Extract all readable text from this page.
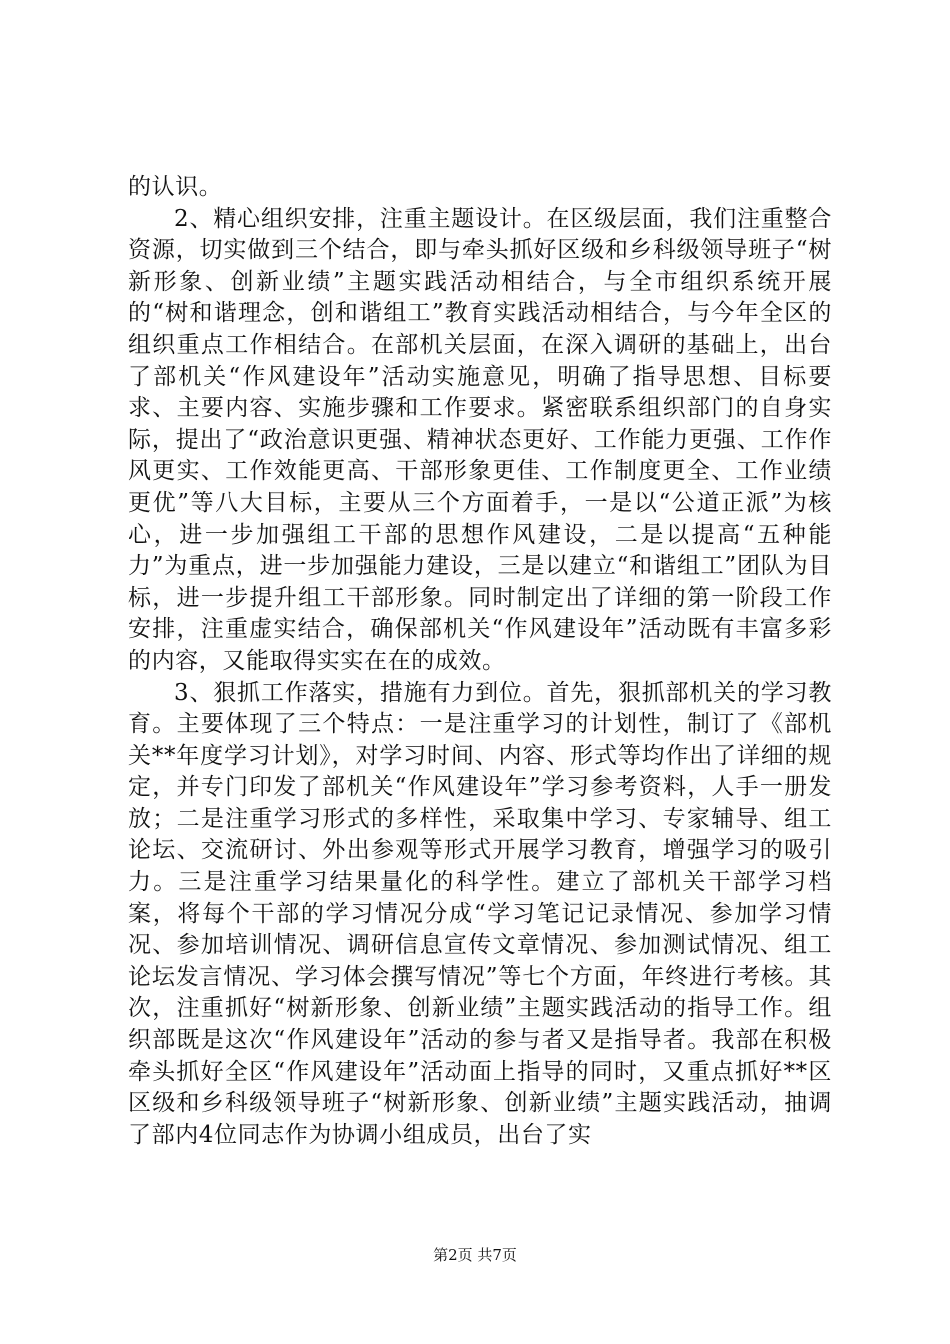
的认识。

2、精心组织安排，注重主题设计。在区级层面，我们注重整合资源，切实做到三个结合，即与牵头抓好区级和乡科级领导班子“树新形象、创新业绩”主题实践活动相结合，与全市组织系统开展的“树和谐理念，创和谐组工”教育实践活动相结合，与今年全区的组织重点工作相结合。在部机关层面，在深入调研的基础上，出台了部机关“作风建设年”活动实施意见，明确了指导思想、目标要求、主要内容、实施步骤和工作要求。紧密联系组织部门的自身实际，提出了“政治意识更强、精神状态更好、工作能力更强、工作作风更实、工作效能更高、干部形象更佳、工作制度更全、工作业绩更优”等八大目标，主要从三个方面着手，一是以“公道正派”为核心，进一步加强组工干部的思想作风建设，二是以提高“五种能力”为重点，进一步加强能力建设，三是以建立“和谐组工”团队为目标，进一步提升组工干部形象。同时制定出了详细的第一阶段工作安排，注重虚实结合，确保部机关“作风建设年”活动既有丰富多彩的内容，又能取得实实在在的成效。

3、狠抓工作落实，措施有力到位。首先，狠抓部机关的学习教育。主要体现了三个特点：一是注重学习的计划性，制订了《部机关**年度学习计划》，对学习时间、内容、形式等均作出了详细的规定，并专门印发了部机关“作风建设年”学习参考资料，人手一册发放；二是注重学习形式的多样性，采取集中学习、专家辅导、组工论坛、交流研讨、外出参观等形式开展学习教育，增强学习的吸引力。三是注重学习结果量化的科学性。建立了部机关干部学习档案，将每个干部的学习情况分成“学习笔记记录情况、参加学习情况、参加培训情况、调研信息宣传文章情况、参加测试情况、组工论坛发言情况、学习体会撰写情况”等七个方面，年终进行考核。其次，注重抓好“树新形象、创新业绩”主题实践活动的指导工作。组织部既是这次“作风建设年”活动的参与者又是指导者。我部在积极牵头抓好全区“作风建设年”活动面上指导的同时，又重点抓好**区区级和乡科级领导班子“树新形象、创新业绩”主题实践活动，抽调了部内4位同志作为协调小组成员，出台了实

第2页 共7页
